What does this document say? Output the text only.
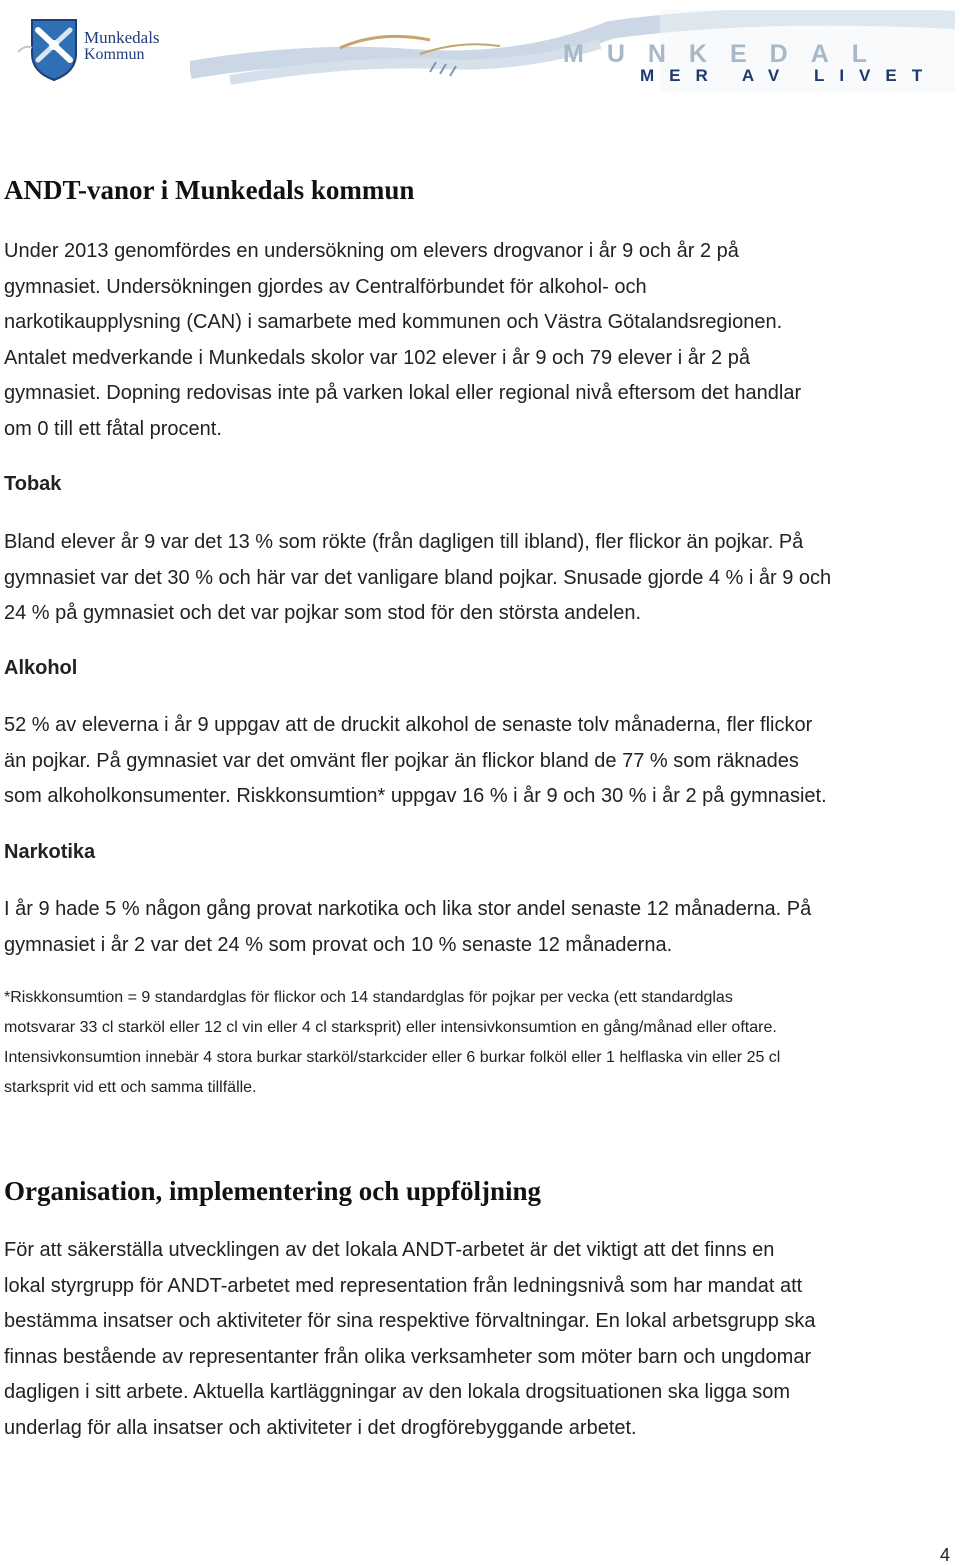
Munkedals
Kommun	MUNKEDAL
MER AV LIVET
ANDT-vanor i Munkedals kommun

Under 2013 genomfördes en undersökning om elevers drogvanor i år 9 och år 2 på
gymnasiet. Undersökningen gjordes av Centralförbundet för alkohol- och
narkotikaupplysning (CAN) i samarbete med kommunen och Västra Götalandsregionen.
Antalet medverkande i Munkedals skolor var 102 elever i år 9 och 79 elever i år 2 på
gymnasiet. Dopning redovisas inte på varken lokal eller regional nivå eftersom det handlar
om 0 till ett fåtal procent.

Tobak

Bland elever år 9 var det 13 % som rökte (från dagligen till ibland), fler flickor än pojkar. På
gymnasiet var det 30 % och här var det vanligare bland pojkar. Snusade gjorde 4 % i år 9 och
24 % på gymnasiet och det var pojkar som stod för den största andelen.

Alkohol

52 % av eleverna i år 9 uppgav att de druckit alkohol de senaste tolv månaderna, fler flickor
än pojkar. På gymnasiet var det omvänt fler pojkar än flickor bland de 77 % som räknades
som alkoholkonsumenter. Riskkonsumtion* uppgav 16 % i år 9 och 30 % i år 2 på gymnasiet.

Narkotika

I år 9 hade 5 % någon gång provat narkotika och lika stor andel senaste 12 månaderna. På
gymnasiet i år 2 var det 24 % som provat och 10 % senaste 12 månaderna.

*Riskkonsumtion = 9 standardglas för flickor och 14 standardglas för pojkar per vecka (ett standardglas
motsvarar 33 cl starköl eller 12 cl vin eller 4 cl starksprit) eller intensivkonsumtion en gång/månad eller oftare.
Intensivkonsumtion innebär 4 stora burkar starköl/starkcider eller 6 burkar folköl eller 1 helflaska vin eller 25 cl
starksprit vid ett och samma tillfälle.

Organisation, implementering och uppföljning

För att säkerställa utvecklingen av det lokala ANDT-arbetet är det viktigt att det finns en
lokal styrgrupp för ANDT-arbetet med representation från ledningsnivå som har mandat att
bestämma insatser och aktiviteter för sina respektive förvaltningar. En lokal arbetsgrupp ska
finnas bestående av representanter från olika verksamheter som möter barn och ungdomar
dagligen i sitt arbete. Aktuella kartläggningar av den lokala drogsituationen ska ligga som
underlag för alla insatser och aktiviteter i det drogförebyggande arbetet.

4
